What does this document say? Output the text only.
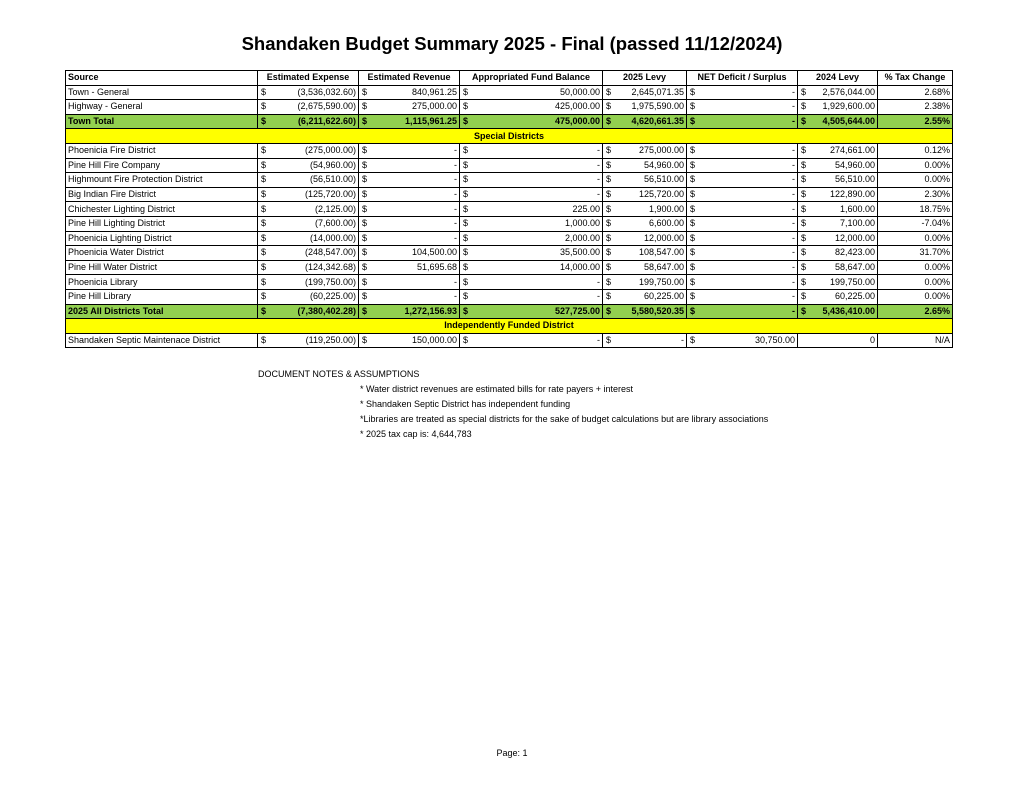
Shandaken Budget Summary 2025 - Final (passed 11/12/2024)
Source	Estimated Expense	Estimated Revenue	Appropriated Fund Balance	2025 Levy	NET Deficit / Surplus	2024 Levy	% Tax Change
Town - General	$ (3,536,032.60)	$ 840,961.25	$ 50,000.00	$ 2,645,071.35	$ -	$ 2,576,044.00	2.68%
Highway - General	$ (2,675,590.00)	$ 275,000.00	$ 425,000.00	$ 1,975,590.00	$ -	$ 1,929,600.00	2.38%
Town Total	$ (6,211,622.60)	$ 1,115,961.25	$ 475,000.00	$ 4,620,661.35	$ -	$ 4,505,644.00	2.55%
Special Districts							
Phoenicia Fire District	$ (275,000.00)	$ -	$ -	$ 275,000.00	$ -	$ 274,661.00	0.12%
Pine Hill Fire Company	$ (54,960.00)	$ -	$ -	$ 54,960.00	$ -	$ 54,960.00	0.00%
Highmount Fire Protection District	$ (56,510.00)	$ -	$ -	$ 56,510.00	$ -	$ 56,510.00	0.00%
Big Indian Fire District	$ (125,720.00)	$ -	$ -	$ 125,720.00	$ -	$ 122,890.00	2.30%
Chichester Lighting District	$ (2,125.00)	$ -	$ 225.00	$ 1,900.00	$ -	$ 1,600.00	18.75%
Pine Hill Lighting District	$ (7,600.00)	$ -	$ 1,000.00	$ 6,600.00	$ -	$ 7,100.00	-7.04%
Phoenicia Lighting District	$ (14,000.00)	$ -	$ 2,000.00	$ 12,000.00	$ -	$ 12,000.00	0.00%
Phoenicia Water District	$ (248,547.00)	$ 104,500.00	$ 35,500.00	$ 108,547.00	$ -	$ 82,423.00	31.70%
Pine Hill Water District	$ (124,342.68)	$ 51,695.68	$ 14,000.00	$ 58,647.00	$ -	$ 58,647.00	0.00%
Phoenicia Library	$ (199,750.00)	$ -	$ -	$ 199,750.00	$ -	$ 199,750.00	0.00%
Pine Hill Library	$ (60,225.00)	$ -	$ -	$ 60,225.00	$ -	$ 60,225.00	0.00%
2025 All Districts Total	$ (7,380,402.28)	$ 1,272,156.93	$ 527,725.00	$ 5,580,520.35	$ -	$ 5,436,410.00	2.65%
Independently Funded District							
Shandaken Septic Maintenace District	$ (119,250.00)	$ 150,000.00	$ -	$ -	$ 30,750.00	0	N/A
DOCUMENT NOTES & ASSUMPTIONS
* Water district revenues are estimated bills for rate payers + interest
* Shandaken Septic District has independent funding
*Libraries are treated as special districts for the sake of budget calculations but are library associations
* 2025 tax cap is: 4,644,783
Page: 1
